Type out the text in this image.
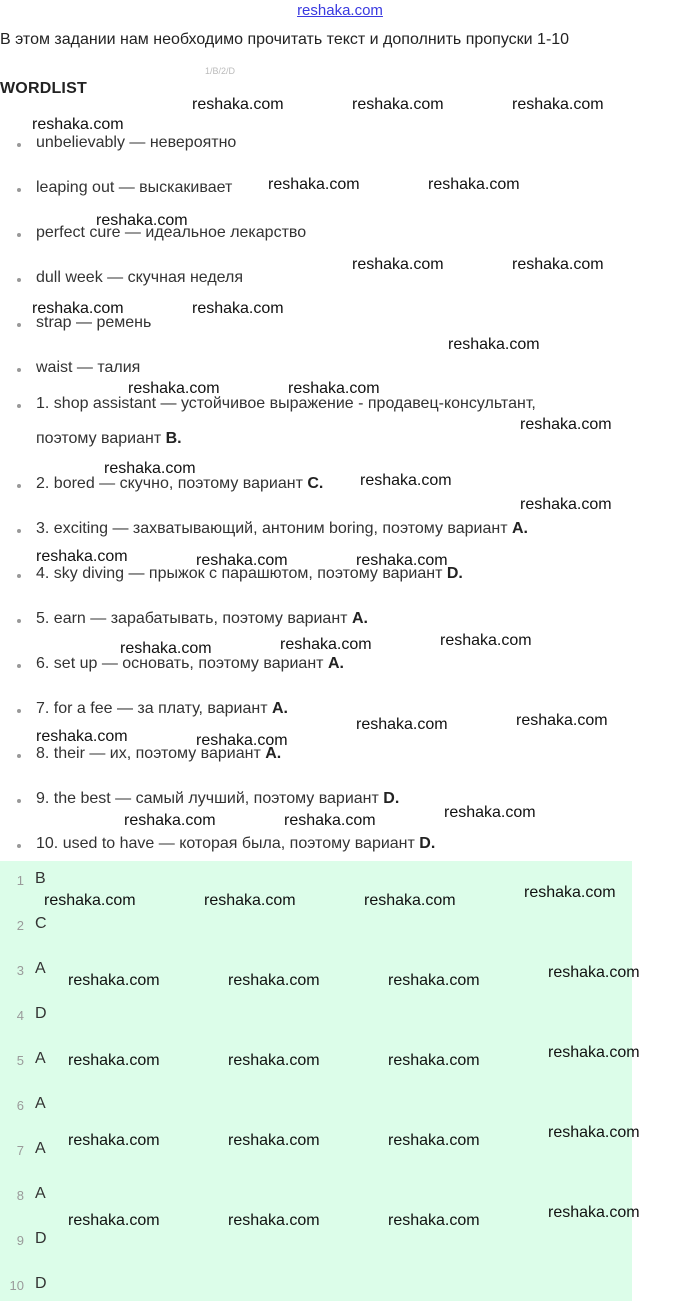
reshaka.com
В этом задании нам необходимо прочитать текст и дополнить пропуски 1-10
1/B/2/D
WORDLIST
unbelievably — невероятно
leaping out — выскакивает
perfect cure — идеальное лекарство
dull week — скучная неделя
strap — ремень
waist — талия
1. shop assistant — устойчивое выражение - продавец-консультант,
поэтому вариант B.
2. bored — скучно, поэтому вариант C.
3. exciting — захватывающий, антоним boring, поэтому вариант A.
4. sky diving — прыжок с парашютом, поэтому вариант D.
5. earn — зарабатывать, поэтому вариант A.
6. set up — основать, поэтому вариант A.
7. for a fee — за плату, вариант A.
8. their — их, поэтому вариант A.
9. the best — самый лучший, поэтому вариант D.
10. used to have — которая была, поэтому вариант D.
1 B
2 C
3 A
4 D
5 A
6 A
7 A
8 A
9 D
10 D
reshaka.com	reshaka.com	reshaka.com
reshaka.com
reshaka.com	reshaka.com
reshaka.com
reshaka.com	reshaka.com
reshaka.com	reshaka.com
reshaka.com
reshaka.com	reshaka.com
reshaka.com
reshaka.com
reshaka.com
reshaka.com
reshaka.com	reshaka.com	reshaka.com
reshaka.com	reshaka.com	reshaka.com
reshaka.com	reshaka.com
reshaka.com	reshaka.com
reshaka.com
reshaka.com	reshaka.com
reshaka.com	reshaka.com	reshaka.com	reshaka.com
reshaka.com	reshaka.com	reshaka.com	reshaka.com
reshaka.com	reshaka.com	reshaka.com	reshaka.com
reshaka.com	reshaka.com	reshaka.com	reshaka.com
reshaka.com	reshaka.com	reshaka.com	reshaka.com
